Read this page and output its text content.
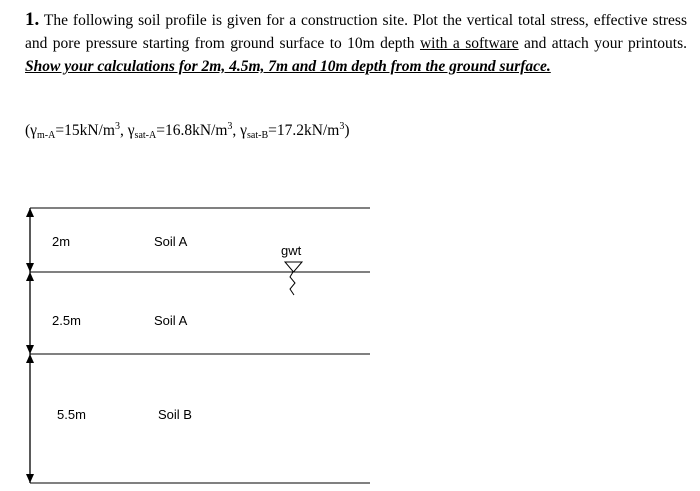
1. The following soil profile is given for a construction site. Plot the vertical total stress, effective stress and pore pressure starting from ground surface to 10m depth with a software and attach your printouts. Show your calculations for 2m, 4.5m, 7m and 10m depth from the ground surface.
($\gamma_{m-A}=15kN/m^3$, $\gamma_{sat-A}=16.8kN/m^3$, $\gamma_{sat-B}=17.2kN/m^3$)
2m	Soil A
gwt
2.5m	Soil A
5.5m	Soil B
